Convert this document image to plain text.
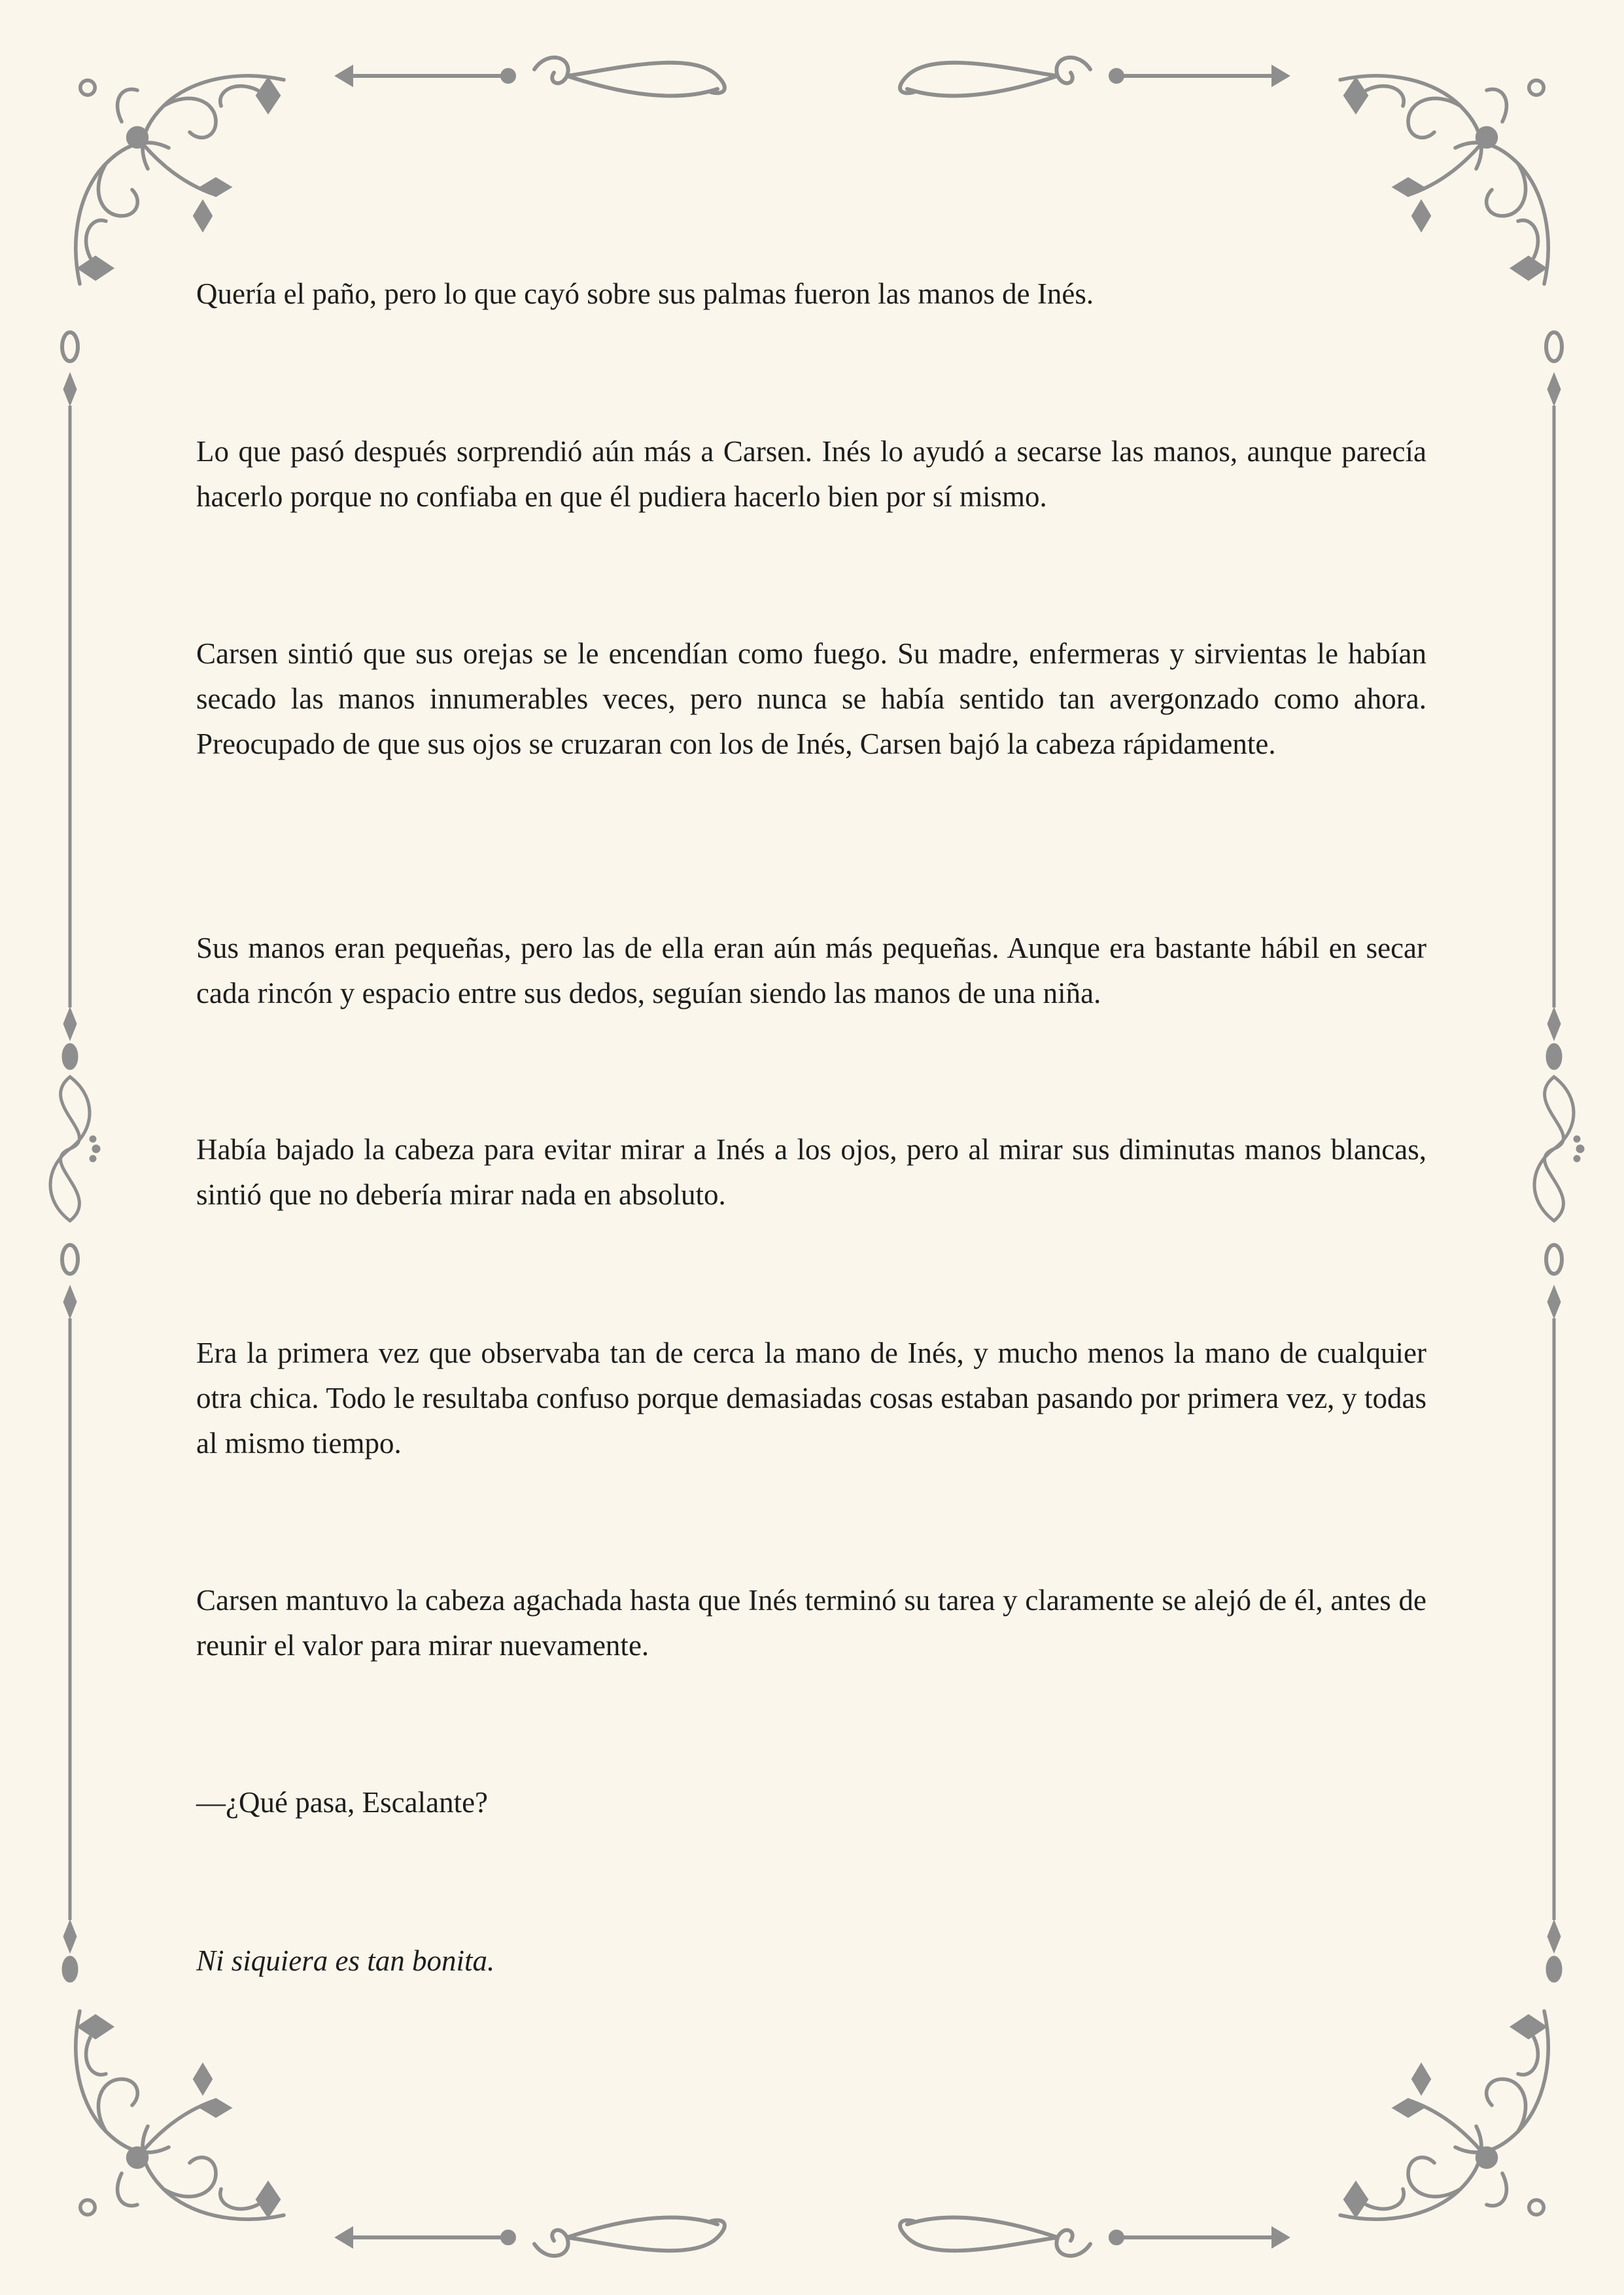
Quería el paño, pero lo que cayó sobre sus palmas fueron las manos de Inés.

Lo que pasó después sorprendió aún más a Carsen. Inés lo ayudó a secarse las manos, aunque parecía hacerlo porque no confiaba en que él pudiera hacerlo bien por sí mismo.

Carsen sintió que sus orejas se le encendían como fuego. Su madre, enfermeras y sirvientas le habían secado las manos innumerables veces, pero nunca se había sentido tan avergonzado como ahora. Preocupado de que sus ojos se cruzaran con los de Inés, Carsen bajó la cabeza rápidamente.

Sus manos eran pequeñas, pero las de ella eran aún más pequeñas. Aunque era bastante hábil en secar cada rincón y espacio entre sus dedos, seguían siendo las manos de una niña.

Había bajado la cabeza para evitar mirar a Inés a los ojos, pero al mirar sus diminutas manos blancas, sintió que no debería mirar nada en absoluto.

Era la primera vez que observaba tan de cerca la mano de Inés, y mucho menos la mano de cualquier otra chica. Todo le resultaba confuso porque demasiadas cosas estaban pasando por primera vez, y todas al mismo tiempo.

Carsen mantuvo la cabeza agachada hasta que Inés terminó su tarea y claramente se alejó de él, antes de reunir el valor para mirar nuevamente.

—¿Qué pasa, Escalante?

Ni siquiera es tan bonita.
